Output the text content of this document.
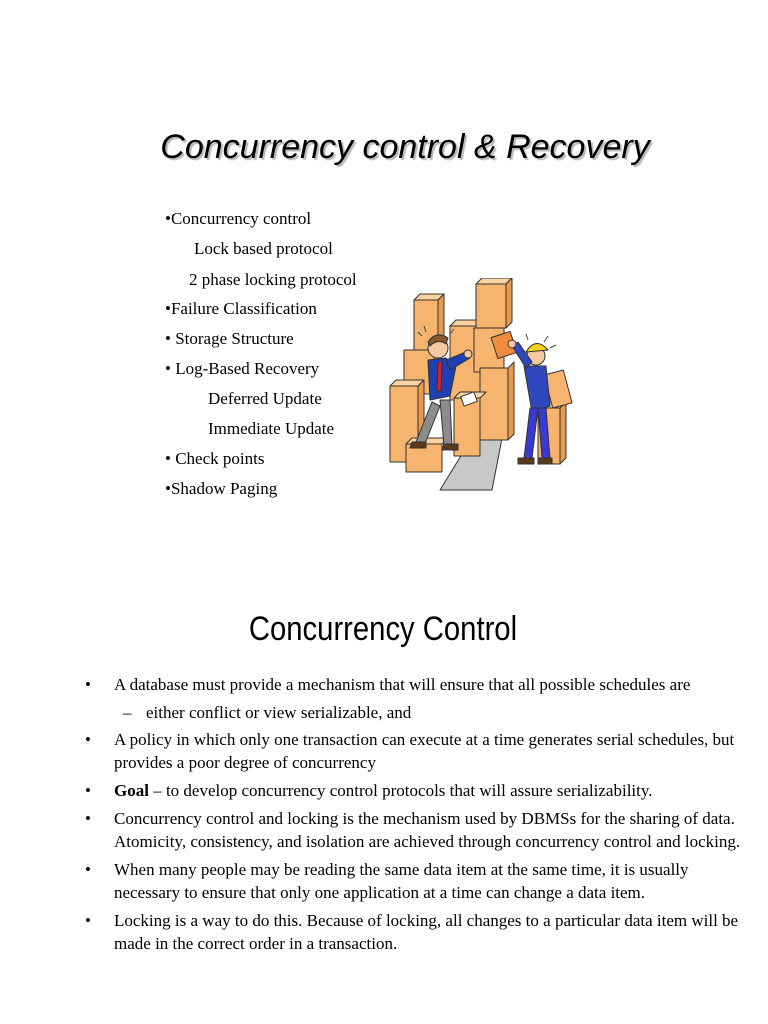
Concurrency control & Recovery
•Concurrency control
Lock based protocol
2 phase locking protocol
•Failure Classification
• Storage Structure
• Log-Based Recovery
Deferred Update
Immediate Update
• Check points
•Shadow Paging
Concurrency Control
• A database must provide a mechanism that will ensure that all possible schedules are
– either conflict or view serializable, and
• A policy in which only one transaction can execute at a time generates serial schedules, but provides a poor degree of concurrency
• Goal – to develop concurrency control protocols that will assure serializability.
• Concurrency control and locking is the mechanism used by DBMSs for the sharing of data. Atomicity, consistency, and isolation are achieved through concurrency control and locking.
• When many people may be reading the same data item at the same time, it is usually necessary to ensure that only one application at a time can change a data item.
• Locking is a way to do this. Because of locking, all changes to a particular data item will be made in the correct order in a transaction.
